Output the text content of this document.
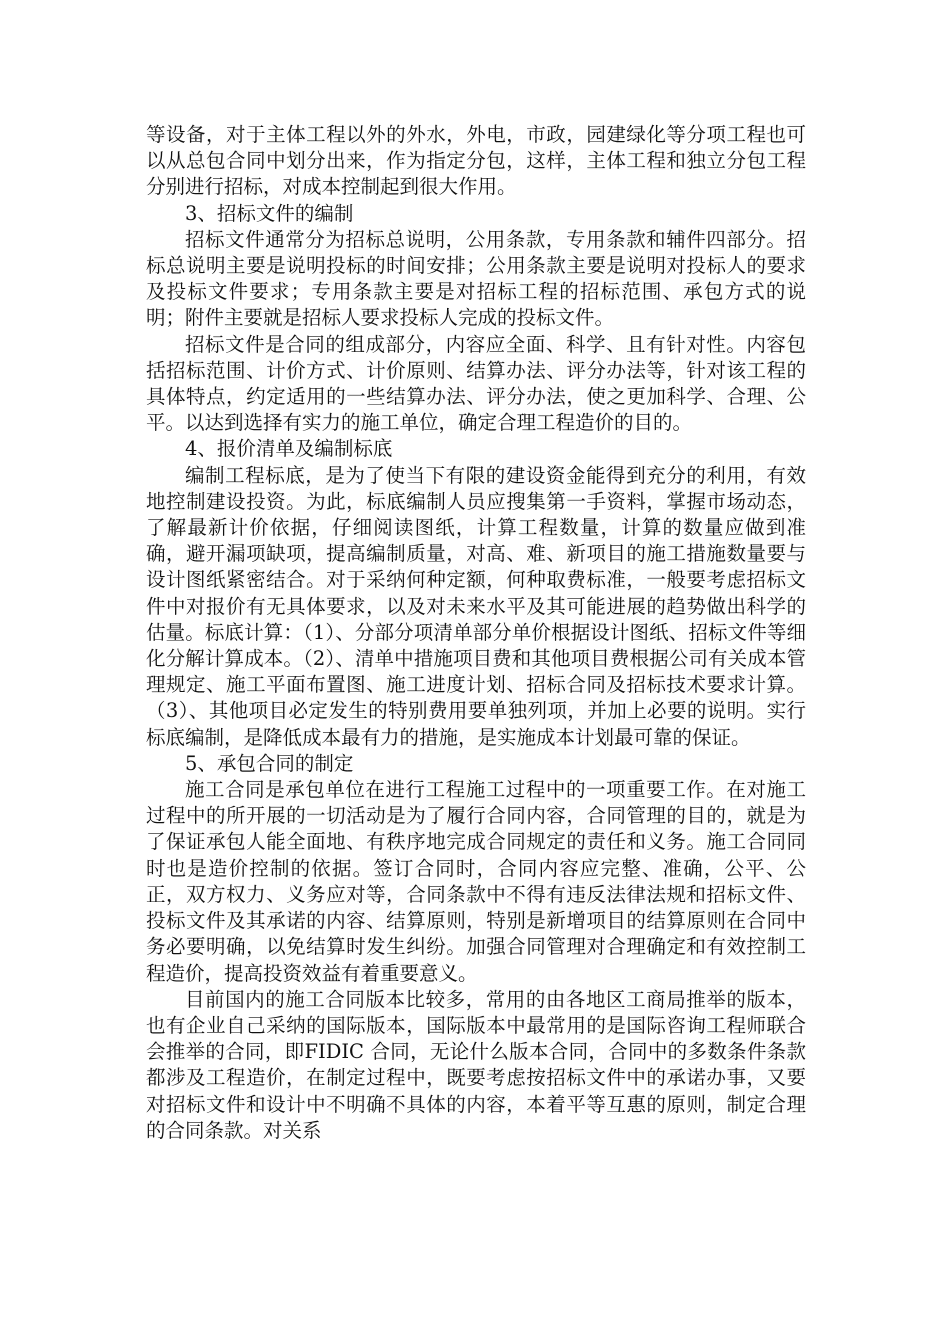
等设备，对于主体工程以外的外水，外电，市政，园建绿化等分项工程也可以从总包合同中划分出来，作为指定分包，这样，主体工程和独立分包工程分别进行招标，对成本控制起到很大作用。

3、招标文件的编制

招标文件通常分为招标总说明，公用条款，专用条款和辅件四部分。招标总说明主要是说明投标的时间安排；公用条款主要是说明对投标人的要求及投标文件要求；专用条款主要是对招标工程的招标范围、承包方式的说明；附件主要就是招标人要求投标人完成的投标文件。

招标文件是合同的组成部分，内容应全面、科学、且有针对性。内容包括招标范围、计价方式、计价原则、结算办法、评分办法等，针对该工程的具体特点，约定适用的一些结算办法、评分办法，使之更加科学、合理、公平。以达到选择有实力的施工单位，确定合理工程造价的目的。

4、报价清单及编制标底

编制工程标底，是为了使当下有限的建设资金能得到充分的利用，有效地控制建设投资。为此，标底编制人员应搜集第一手资料，掌握市场动态，了解最新计价依据，仔细阅读图纸，计算工程数量，计算的数量应做到准确，避开漏项缺项，提高编制质量，对高、难、新项目的施工措施数量要与设计图纸紧密结合。对于采纳何种定额，何种取费标准，一般要考虑招标文件中对报价有无具体要求，以及对未来水平及其可能进展的趋势做出科学的估量。标底计算：（1）、分部分项清单部分单价根据设计图纸、招标文件等细化分解计算成本。（2）、清单中措施项目费和其他项目费根据公司有关成本管理规定、施工平面布置图、施工进度计划、招标合同及招标技术要求计算。（3）、其他项目必定发生的特别费用要单独列项，并加上必要的说明。实行标底编制，是降低成本最有力的措施，是实施成本计划最可靠的保证。

5、承包合同的制定

施工合同是承包单位在进行工程施工过程中的一项重要工作。在对施工过程中的所开展的一切活动是为了履行合同内容，合同管理的目的，就是为了保证承包人能全面地、有秩序地完成合同规定的责任和义务。施工合同同时也是造价控制的依据。签订合同时，合同内容应完整、准确，公平、公正，双方权力、义务应对等，合同条款中不得有违反法律法规和招标文件、投标文件及其承诺的内容、结算原则，特别是新增项目的结算原则在合同中务必要明确，以免结算时发生纠纷。加强合同管理对合理确定和有效控制工程造价，提高投资效益有着重要意义。

目前国内的施工合同版本比较多，常用的由各地区工商局推举的版本，也有企业自己采纳的国际版本，国际版本中最常用的是国际咨询工程师联合会推举的合同，即FIDIC 合同，无论什么版本合同，合同中的多数条件条款都涉及工程造价，在制定过程中，既要考虑按招标文件中的承诺办事，又要对招标文件和设计中不明确不具体的内容，本着平等互惠的原则，制定合理的合同条款。对关系
